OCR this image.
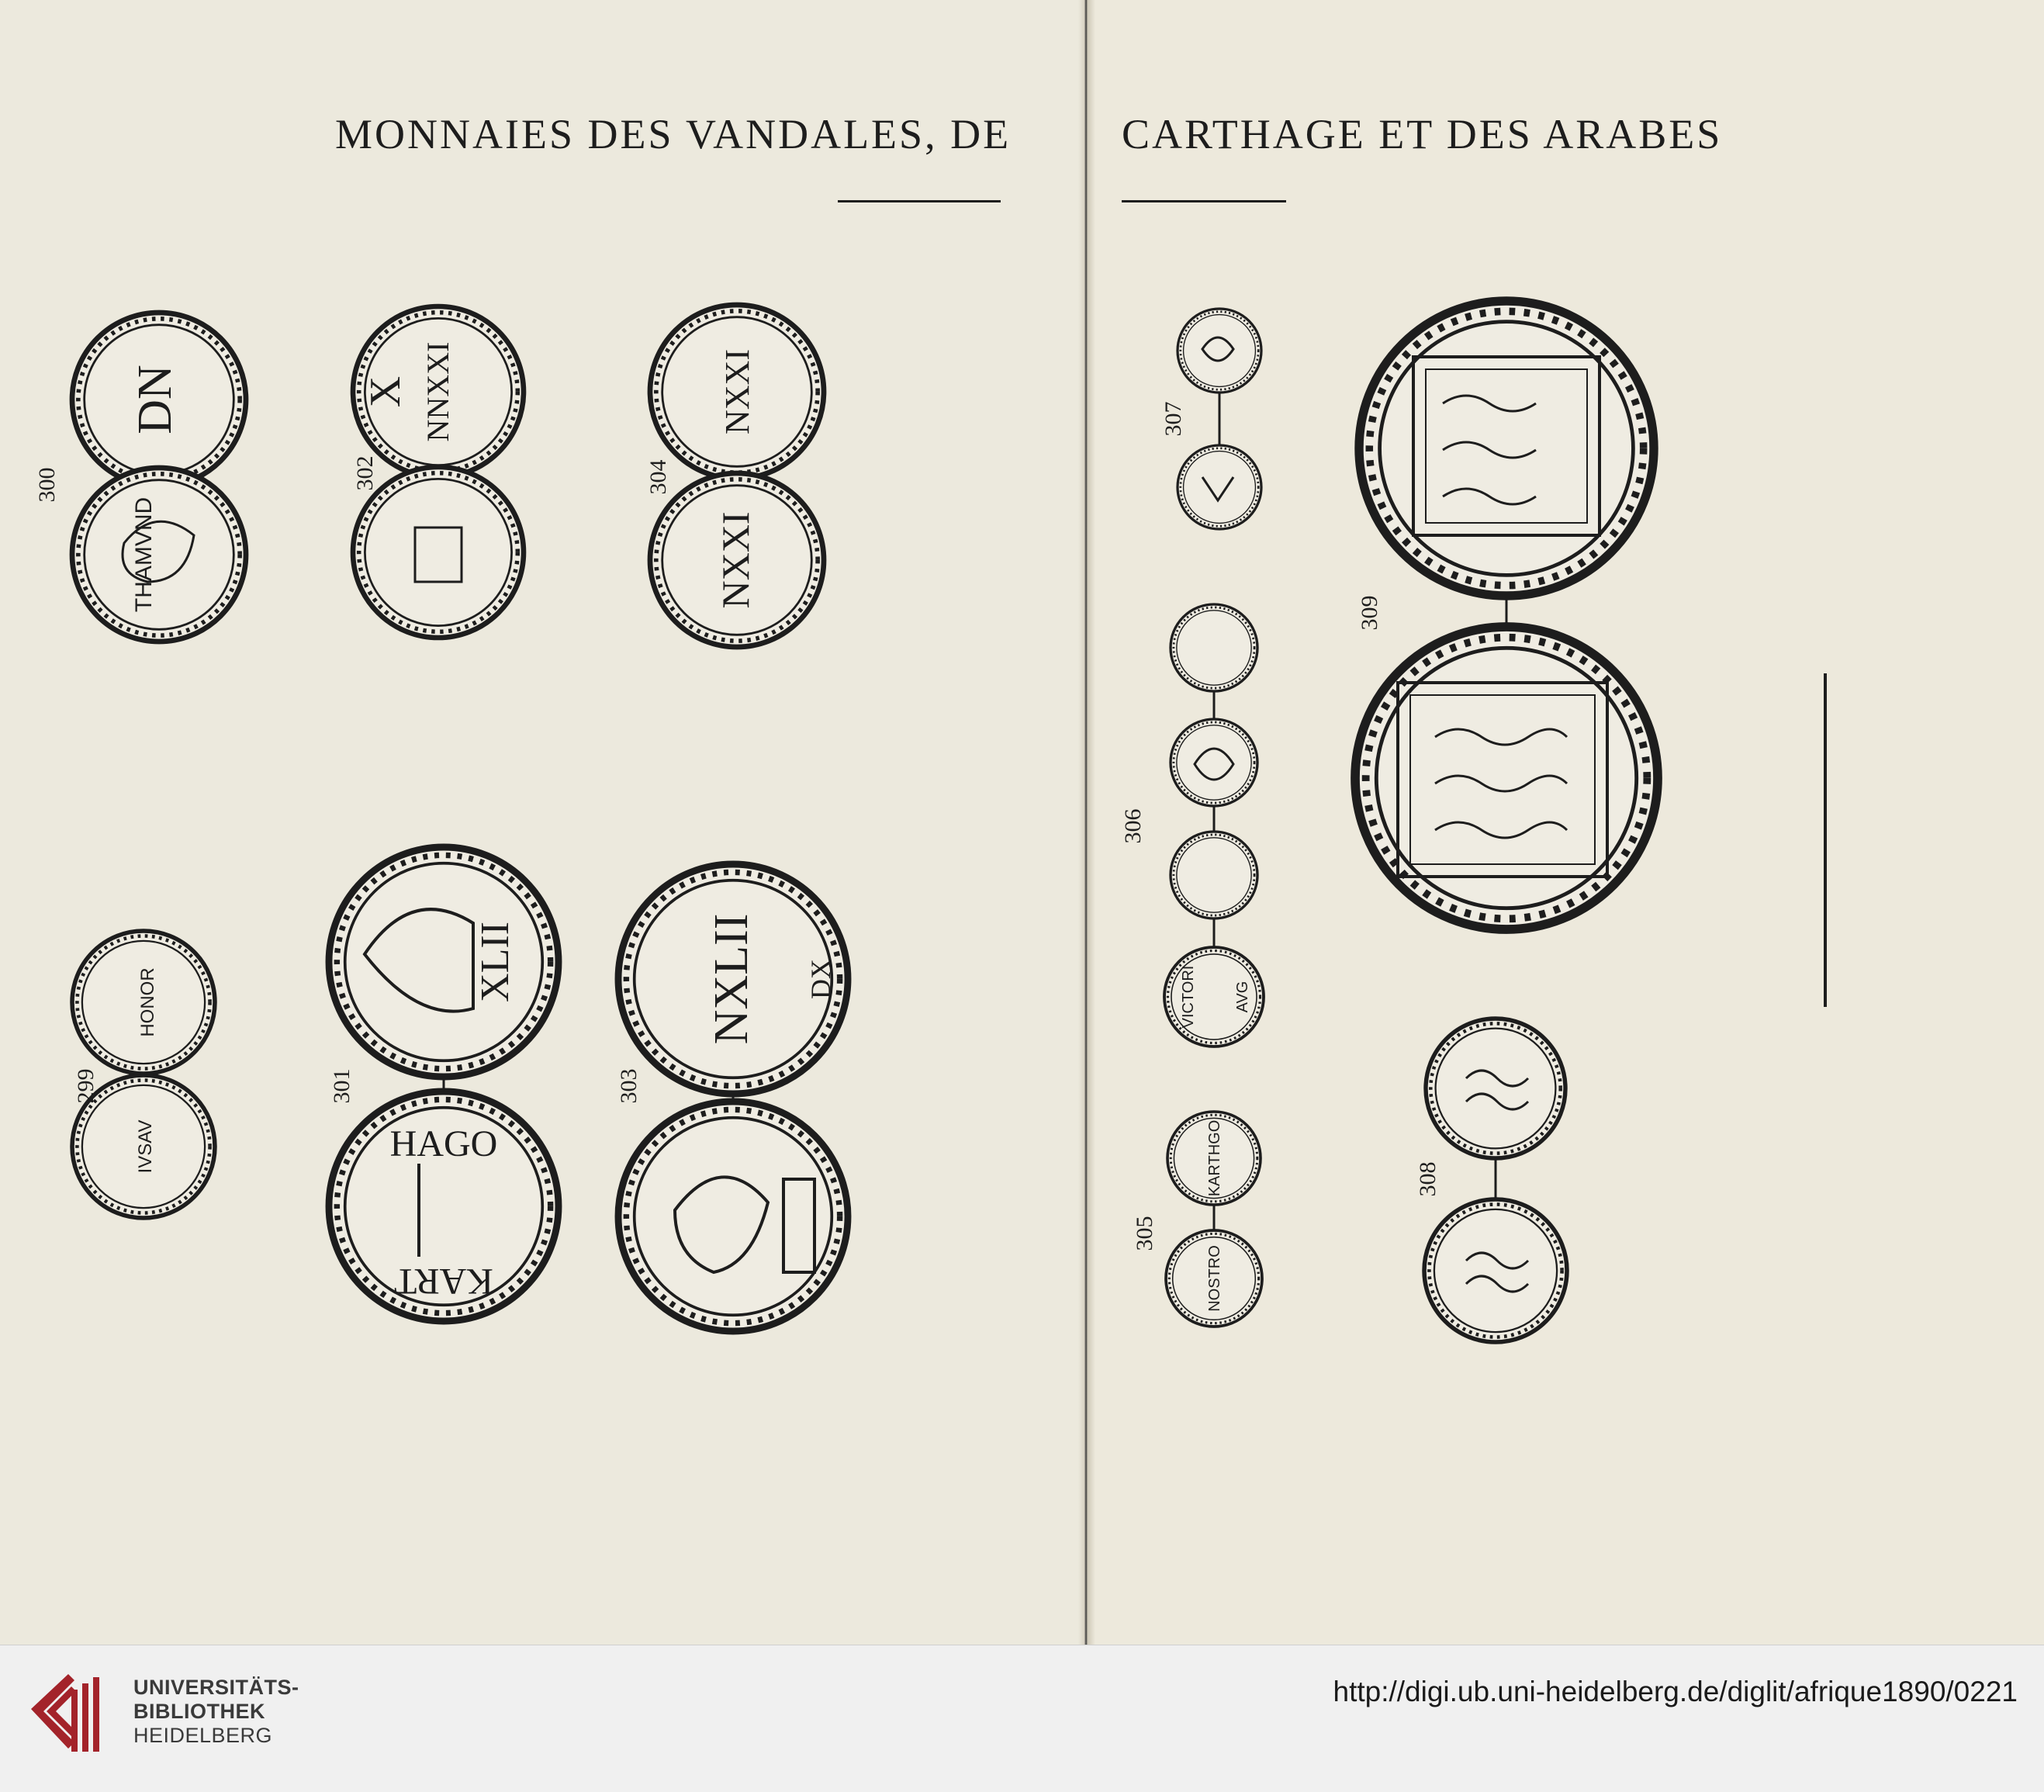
MONNAIES DES VANDALES, DE	CARTHAGE ET DES ARABES
DN
THAMVND
300
X NNXXI
302
NXXI
NXXI
304
HONOR
IVSAV
299
XLII
HAGO
KART
301
NXLII DX
303
307
AVG
VICTORI
306
KARTHGO
NOSTRO
305
309
308
UNIVERSITÄTS-
BIBLIOTHEK
HEIDELBERG
http://digi.ub.uni-heidelberg.de/diglit/afrique1890/0221
